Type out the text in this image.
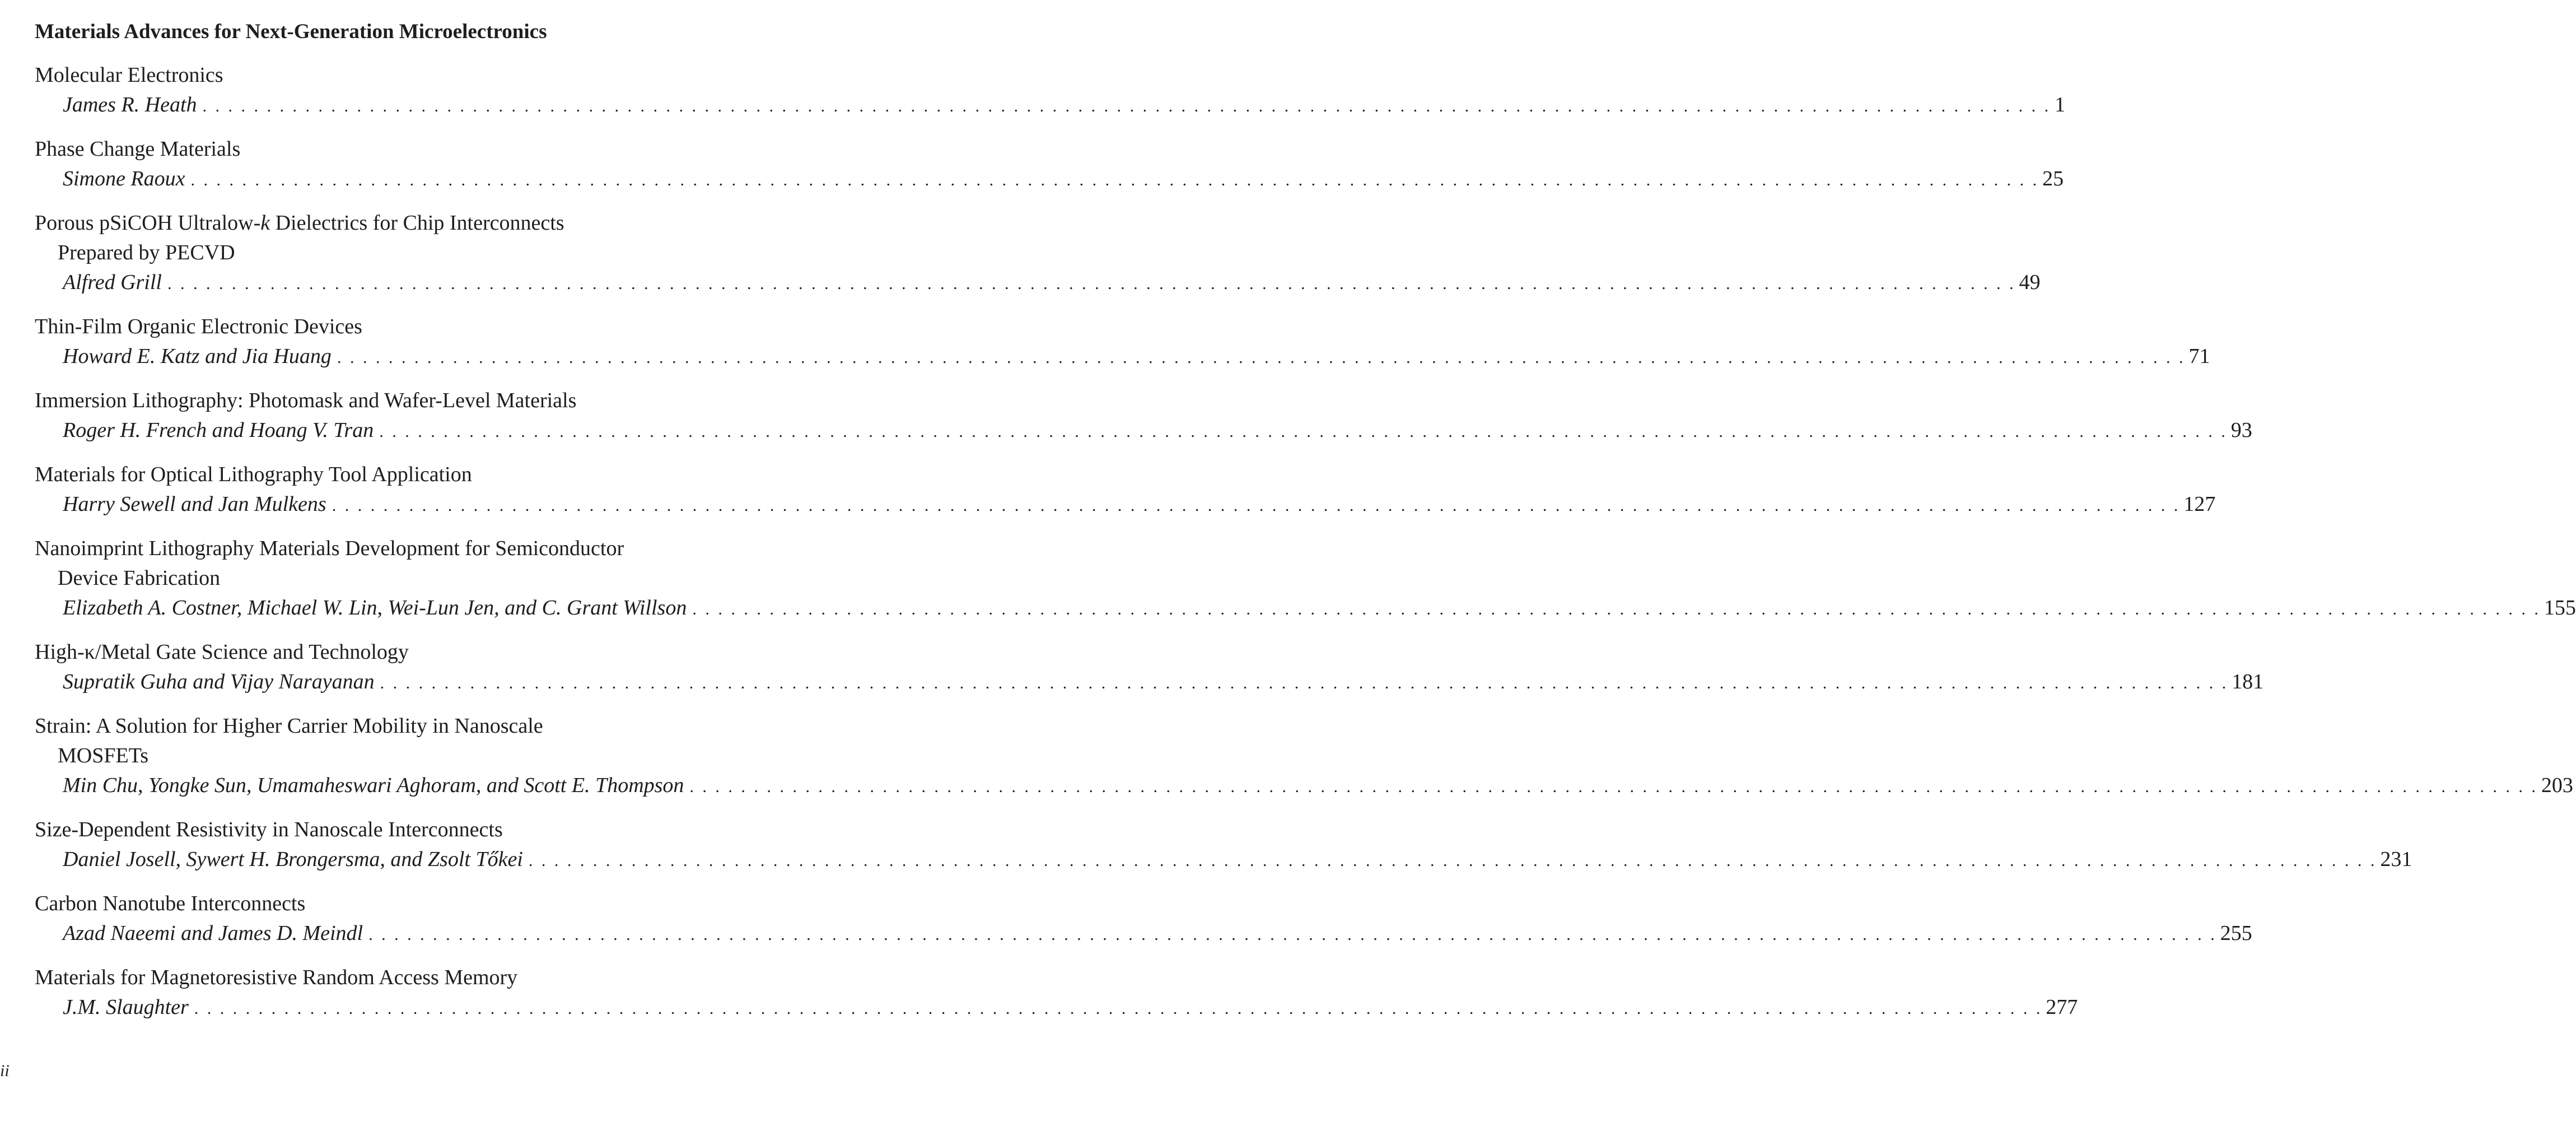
Materials Advances for Next-Generation Microelectronics
Molecular Electronics
James R. Heath . . .	1
Phase Change Materials
Simone Raoux . . .	25
Porous pSiCOH Ultralow-k Dielectrics for Chip Interconnects
Prepared by PECVD
Alfred Grill . . .	49
Thin-Film Organic Electronic Devices
Howard E. Katz and Jia Huang . . .	71
Immersion Lithography: Photomask and Wafer-Level Materials
Roger H. French and Hoang V. Tran . . .	93
Materials for Optical Lithography Tool Application
Harry Sewell and Jan Mulkens . . .	127
Nanoimprint Lithography Materials Development for Semiconductor
Device Fabrication
Elizabeth A. Costner, Michael W. Lin, Wei-Lun Jen, and C. Grant Willson . . .	155
High-κ/Metal Gate Science and Technology
Supratik Guha and Vijay Narayanan . . .	181
Strain: A Solution for Higher Carrier Mobility in Nanoscale
MOSFETs
Min Chu, Yongke Sun, Umamaheswari Aghoram, and Scott E. Thompson . . .	203
Size-Dependent Resistivity in Nanoscale Interconnects
Daniel Josell, Sywert H. Brongersma, and Zsolt Tőkei . . .	231
Carbon Nanotube Interconnects
Azad Naeemi and James D. Meindl . . .	255
Materials for Magnetoresistive Random Access Memory
J.M. Slaughter . . .	277
ii
